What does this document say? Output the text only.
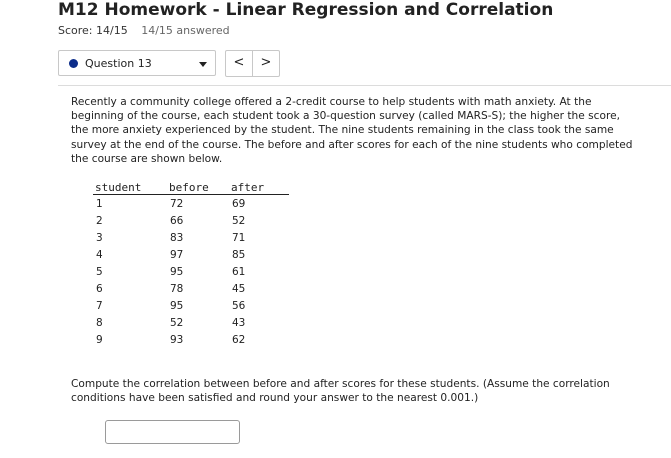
M12 Homework - Linear Regression and Correlation
Score: 14/15 14/15 answered
Question 13	<	>
Recently a community college offered a 2-credit course to help students with math anxiety. At the beginning of the course, each student took a 30-question survey (called MARS-S); the higher the score, the more anxiety experienced by the student. The nine students remaining in the class took the same survey at the end of the course. The before and after scores for each of the nine students who completed the course are shown below.
student	before	after
1	72	69
2	66	52
3	83	71
4	97	85
5	95	61
6	78	45
7	95	56
8	52	43
9	93	62
Compute the correlation between before and after scores for these students. (Assume the correlation conditions have been satisfied and round your answer to the nearest 0.001.)
